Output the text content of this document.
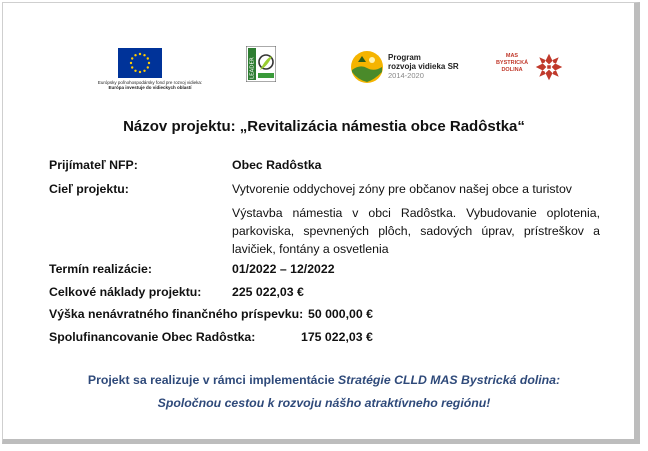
Európsky poľnohospodársky fond pre rozvoj vidieka:
Európa investuje do vidieckych oblastí
LEADER	Program
rozvoja vidieka SR
2014-2020
MAS
BYSTRICKÁ
DOLINA
Názov projektu: „Revitalizácia námestia obce Radôstka“
Prijímateľ NFP:	Obec Radôstka
Cieľ projektu:	Vytvorenie oddychovej zóny pre občanov našej obce a turistov
Výstavba námestia v obci Radôstka. Vybudovanie oplotenia, parkoviska, spevnených plôch, sadových úprav, prístreškov a lavičiek, fontány a osvetlenia
Termín realizácie:	01/2022 – 12/2022
Celkové náklady projektu: 225 022,03 €
Výška nenávratného finančného príspevku: 50 000,00 €
Spolufinancovanie Obec Radôstka:	175 022,03 €
Projekt sa realizuje v rámci implementácie Stratégie CLLD MAS Bystrická dolina:
Spoločnou cestou k rozvoju nášho atraktívneho regiónu!
